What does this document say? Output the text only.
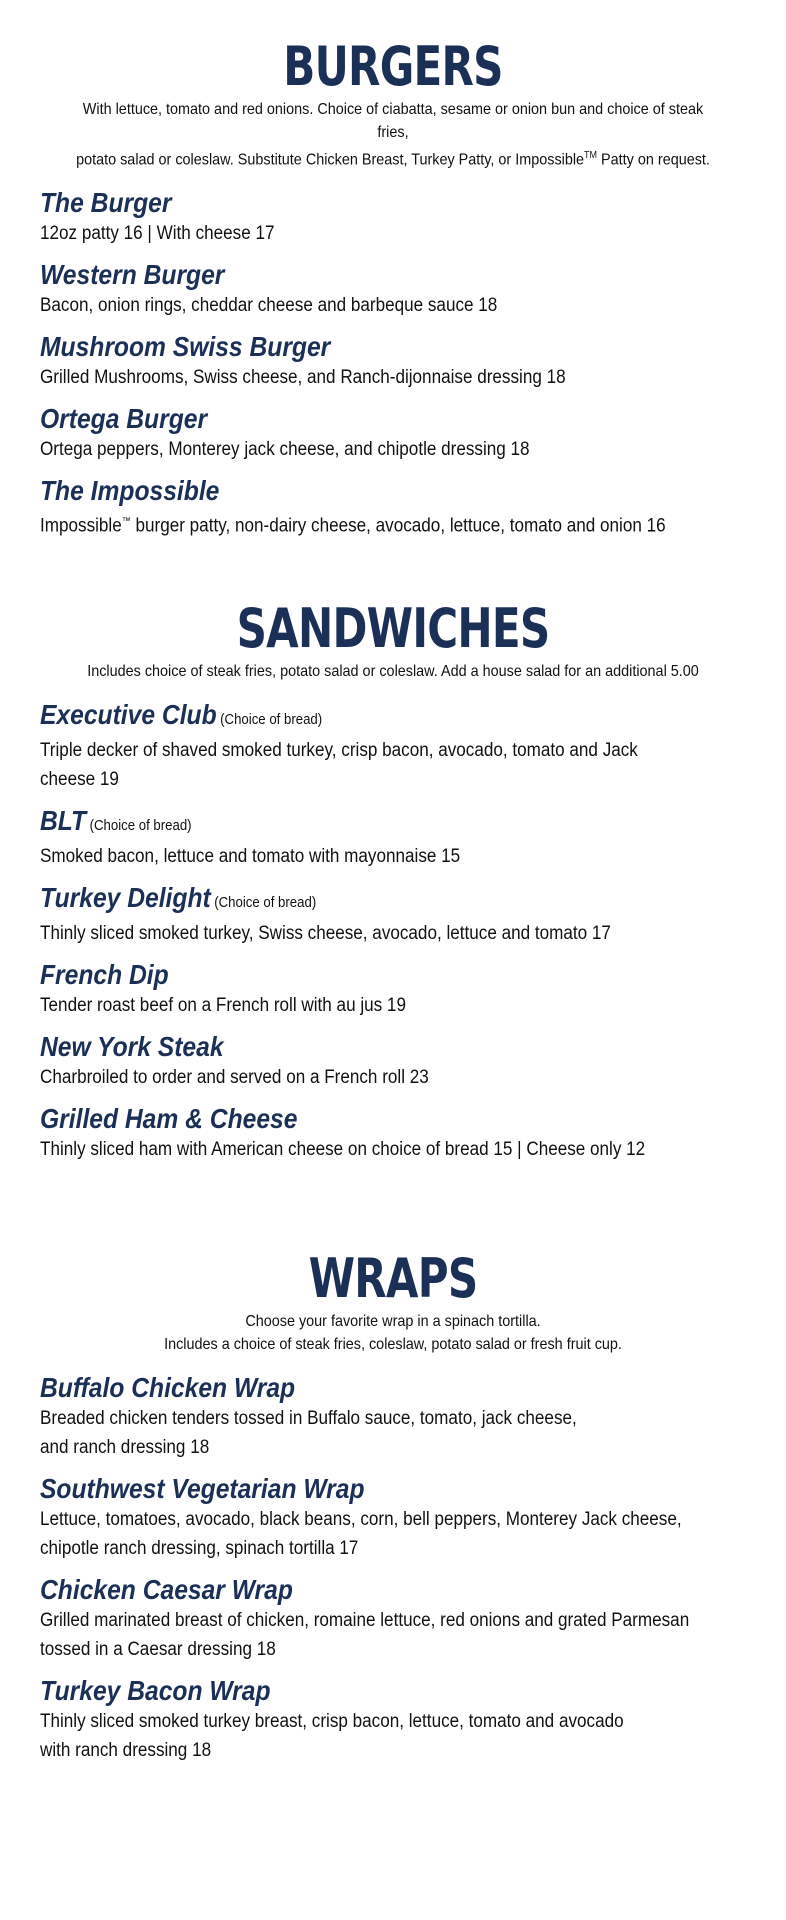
BURGERS
With lettuce, tomato and red onions. Choice of ciabatta, sesame or onion bun and choice of steak fries,
potato salad or coleslaw. Substitute Chicken Breast, Turkey Patty, or Impossible™ Patty on request.
The Burger
12oz patty 16 | With cheese 17
Western Burger
Bacon, onion rings, cheddar cheese and barbeque sauce 18
Mushroom Swiss Burger
Grilled Mushrooms, Swiss cheese, and Ranch-dijonnaise dressing 18
Ortega Burger
Ortega peppers, Monterey jack cheese, and chipotle dressing 18
The Impossible
Impossible™ burger patty, non-dairy cheese, avocado, lettuce, tomato and onion 16
SANDWICHES
Includes choice of steak fries, potato salad or coleslaw. Add a house salad for an additional 5.00
Executive Club (Choice of bread)
Triple decker of shaved smoked turkey, crisp bacon, avocado, tomato and Jack
cheese 19
BLT (Choice of bread)
Smoked bacon, lettuce and tomato with mayonnaise 15
Turkey Delight (Choice of bread)
Thinly sliced smoked turkey, Swiss cheese, avocado, lettuce and tomato 17
French Dip
Tender roast beef on a French roll with au jus 19
New York Steak
Charbroiled to order and served on a French roll 23
Grilled Ham & Cheese
Thinly sliced ham with American cheese on choice of bread 15 | Cheese only 12
WRAPS
Choose your favorite wrap in a spinach tortilla.
Includes a choice of steak fries, coleslaw, potato salad or fresh fruit cup.
Buffalo Chicken Wrap
Breaded chicken tenders tossed in Buffalo sauce, tomato, jack cheese,
and ranch dressing 18
Southwest Vegetarian Wrap
Lettuce, tomatoes, avocado, black beans, corn, bell peppers, Monterey Jack cheese,
chipotle ranch dressing, spinach tortilla 17
Chicken Caesar Wrap
Grilled marinated breast of chicken, romaine lettuce, red onions and grated Parmesan
tossed in a Caesar dressing 18
Turkey Bacon Wrap
Thinly sliced smoked turkey breast, crisp bacon, lettuce, tomato and avocado
with ranch dressing 18
